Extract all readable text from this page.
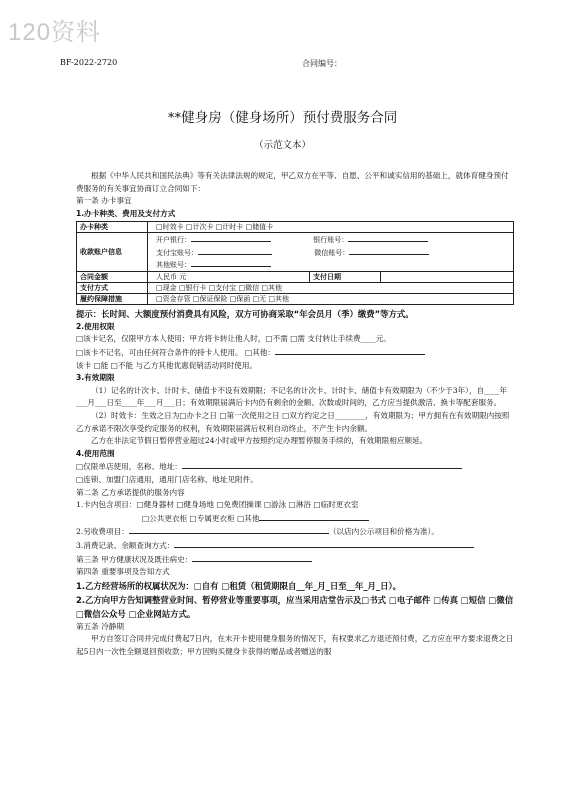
120资料
BF-2022-2720	合同编号：
**健身房（健身场所）预付费服务合同
（示范文本）

根据《中华人民共和国民法典》等有关法律法规的规定，甲乙双方在平等、自愿、公平和诚实信用的基础上，就体育健身预付费服务的有关事宜协商订立合同如下：

第一条 办卡事宜

1.办卡种类、费用及支付方式

办卡种类	□时效卡 □计次卡 □计时卡 □储值卡		
收款账户信息	开户银行： 银行账号：
支付宝账号： 微信账号：
其他账号：		

合同金额	人民币 元	支付日期	
支付方式	□现金 □银行卡 □支付宝 □微信 □其他		
履约保障措施	□资金存管 □保证保险 □保函 □无 □其他		

提示：长时间、大额度预付消费具有风险，双方可协商采取“年会员月（季）缴费”等方式。

2.使用权限

□该卡记名，仅限甲方本人使用；甲方将卡转让他人时，□不需 □需 支付转让手续费____元。

□该卡不记名，可由任何符合条件的持卡人使用。 □其他：

该卡 □能 □不能 与乙方其他优惠促销活动同时使用。

3.有效期限

（1）记名的计次卡、计时卡、储值卡不设有效期限；不记名的计次卡、计时卡、储值卡有效期限为（不少于3年），自____年___月___日至____年___月___日；有效期限届满后卡内仍有剩余的金额、次数或时间的，乙方应当提供激活、换卡等配套服务。

（2）时效卡：生效之日为□办卡之日 □第一次使用之日 □双方约定之日________，有效期限为；甲方拥有在有效期限内按照乙方承诺不限次享受约定服务的权利，有效期限届满后权利自动终止，不产生卡内余额。

乙方在非法定节假日暂停营业超过24小时或甲方按照约定办理暂停服务手续的，有效期限相应顺延。

4.使用范围

□仅限单店使用，名称、地址：

□连锁、加盟门店通用，通用门店名称、地址见附件。

第二条 乙方承诺提供的服务内容

1.卡内包含项目：□健身器材 □健身场地 □免费团操课 □游泳 □淋浴 □临时更衣室

□公共更衣柜 □专属更衣柜 □其他

2.另收费项目：	（以店内公示项目和价格为准）。

3.消费记录、余额查询方式：

第三条 甲方健康状况及既往病史：

第四条 重要事项及告知方式

1.乙方经营场所的权属状况为：□自有 □租赁（租赁期限自__年_月_日至__年_月_日）。

2.乙方向甲方告知调整营业时间、暂停营业等重要事项，应当采用店堂告示及□书式 □电子邮件 □传真 □短信 □微信 □微信公众号 □企业网站方式。

第五条 冷静期

甲方自签订合同并完成付费起7日内，在未开卡使用健身服务的情况下，有权要求乙方退还预付费，乙方应在甲方要求退费之日起5日内一次性全额退回预收款；甲方因购买健身卡获得的赠品或者赠送的服
